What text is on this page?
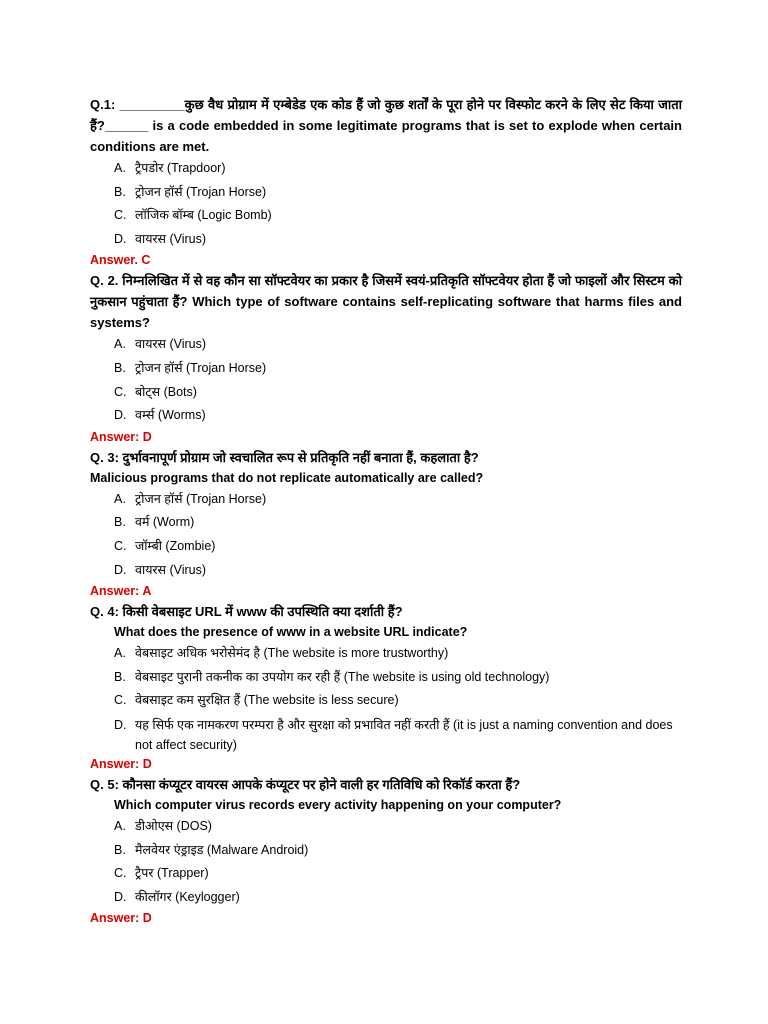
Q.1: _________कुछ वैध प्रोग्राम में एम्बेडेड एक कोड हैं जो कुछ शर्तों के पूरा होने पर विस्फोट करने के लिए सेट किया जाता हैं?______ is a code embedded in some legitimate programs that is set to explode when certain conditions are met.

A. ट्रैपडोर (Trapdoor)
B. ट्रोजन हॉर्स (Trojan Horse)
C. लॉजिक बॉम्ब (Logic Bomb)
D. वायरस (Virus)

Answer. C

Q. 2. निम्नलिखित में से वह कौन सा सॉफ्टवेयर का प्रकार है जिसमें स्वयं-प्रतिकृति सॉफ्टवेयर होता हैं जो फाइलों और सिस्टम को नुकसान पहुंचाता हैं? Which type of software contains self-replicating software that harms files and systems?

A. वायरस (Virus)
B. ट्रोजन हॉर्स (Trojan Horse)
C. बोट्स (Bots)
D. वर्म्स (Worms)

Answer: D

Q. 3: दुर्भावनापूर्ण प्रोग्राम जो स्वचालित रूप से प्रतिकृति नहीं बनाता हैं, कहलाता है?

Malicious programs that do not replicate automatically are called?

A. ट्रोजन हॉर्स (Trojan Horse)
B. वर्म (Worm)
C. जॉम्बी (Zombie)
D. वायरस (Virus)

Answer: A

Q. 4: किसी वेबसाइट URL में www की उपस्थिति क्या दर्शाती हैं?

What does the presence of www in a website URL indicate?

A. वेबसाइट अधिक भरोसेमंद है (The website is more trustworthy)
B. वेबसाइट पुरानी तकनीक का उपयोग कर रही हैं (The website is using old technology)
C. वेबसाइट कम सुरक्षित हैं (The website is less secure)
D. यह सिर्फ एक नामकरण परम्परा है और सुरक्षा को प्रभावित नहीं करती हैं (it is just a naming convention and does not affect security)

Answer: D

Q. 5: कौनसा कंप्यूटर वायरस आपके कंप्यूटर पर होने वाली हर गतिविधि को रिकॉर्ड करता हैं?

Which computer virus records every activity happening on your computer?

A. डीओएस (DOS)
B. मैलवेयर एंड्राइड (Malware Android)
C. ट्रैपर (Trapper)
D. कीलॉगर (Keylogger)

Answer: D
